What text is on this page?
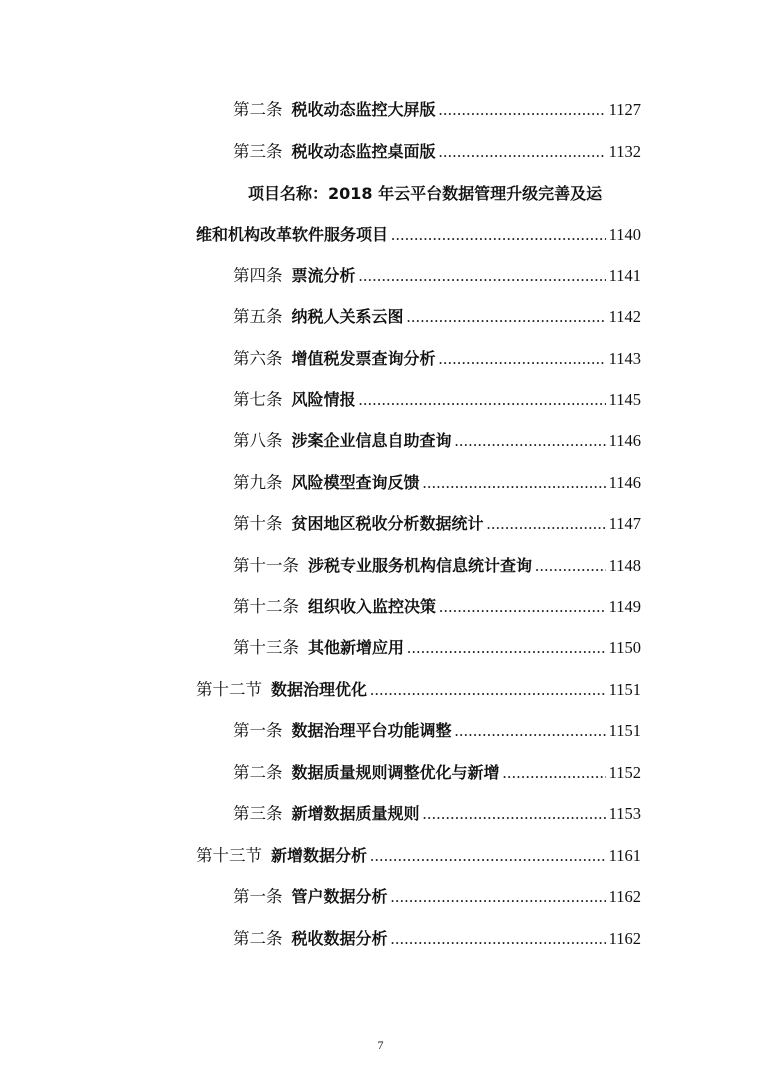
第二条 税收动态监控大屏版 .....	1127
第三条 税收动态监控桌面版 .....	1132
项目名称：2018 年云平台数据管理升级完善及运
维和机构改革软件服务项目 .....	1140
第四条 票流分析 .....	1141
第五条 纳税人关系云图 .....	1142
第六条 增值税发票查询分析 .....	1143
第七条 风险情报 .....	1145
第八条 涉案企业信息自助查询 .....	1146
第九条 风险模型查询反馈 .....	1146
第十条 贫困地区税收分析数据统计 .....	1147
第十一条 涉税专业服务机构信息统计查询 .....	1148
第十二条 组织收入监控决策 .....	1149
第十三条 其他新增应用 .....	1150
第十二节 数据治理优化 .....	1151
第一条 数据治理平台功能调整 .....	1151
第二条 数据质量规则调整优化与新增 .....	1152
第三条 新增数据质量规则 .....	1153
第十三节 新增数据分析 .....	1161
第一条 管户数据分析 .....	1162
第二条 税收数据分析 .....	1162
7
